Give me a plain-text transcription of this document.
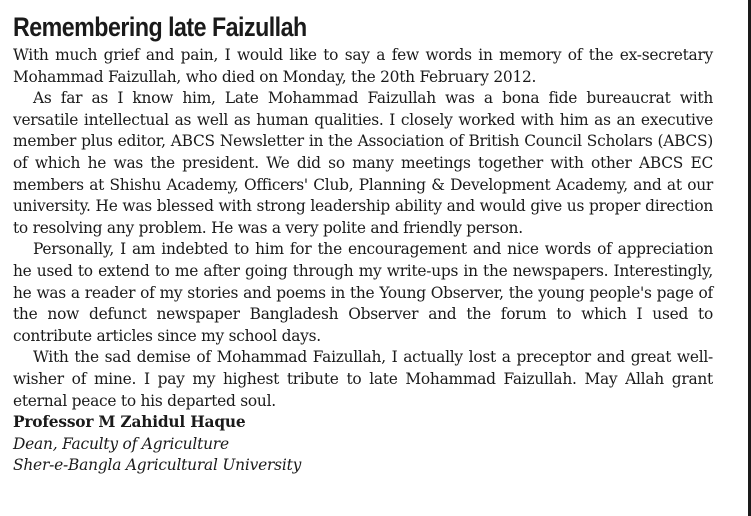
Remembering late Faizullah

With much grief and pain, I would like to say a few words in memory of the ex-secretary Mohammad Faizullah, who died on Monday, the 20th February 2012.

As far as I know him, Late Mohammad Faizullah was a bona fide bureaucrat with versatile intellectual as well as human qualities. I closely worked with him as an executive member plus editor, ABCS Newsletter in the Association of British Council Scholars (ABCS) of which he was the president. We did so many meetings together with other ABCS EC members at Shishu Academy, Officers' Club, Planning & Development Academy, and at our university. He was blessed with strong leadership ability and would give us proper direction to resolving any problem. He was a very polite and friendly person.

Personally, I am indebted to him for the encouragement and nice words of appreciation he used to extend to me after going through my write-ups in the newspapers. Interestingly, he was a reader of my stories and poems in the Young Observer, the young people's page of the now defunct newspaper Bangladesh Observer and the forum to which I used to contribute articles since my school days.

With the sad demise of Mohammad Faizullah, I actually lost a preceptor and great well-wisher of mine. I pay my highest tribute to late Mohammad Faizullah. May Allah grant eternal peace to his departed soul.

Professor M Zahidul Haque

Dean, Faculty of Agriculture

Sher-e-Bangla Agricultural University
